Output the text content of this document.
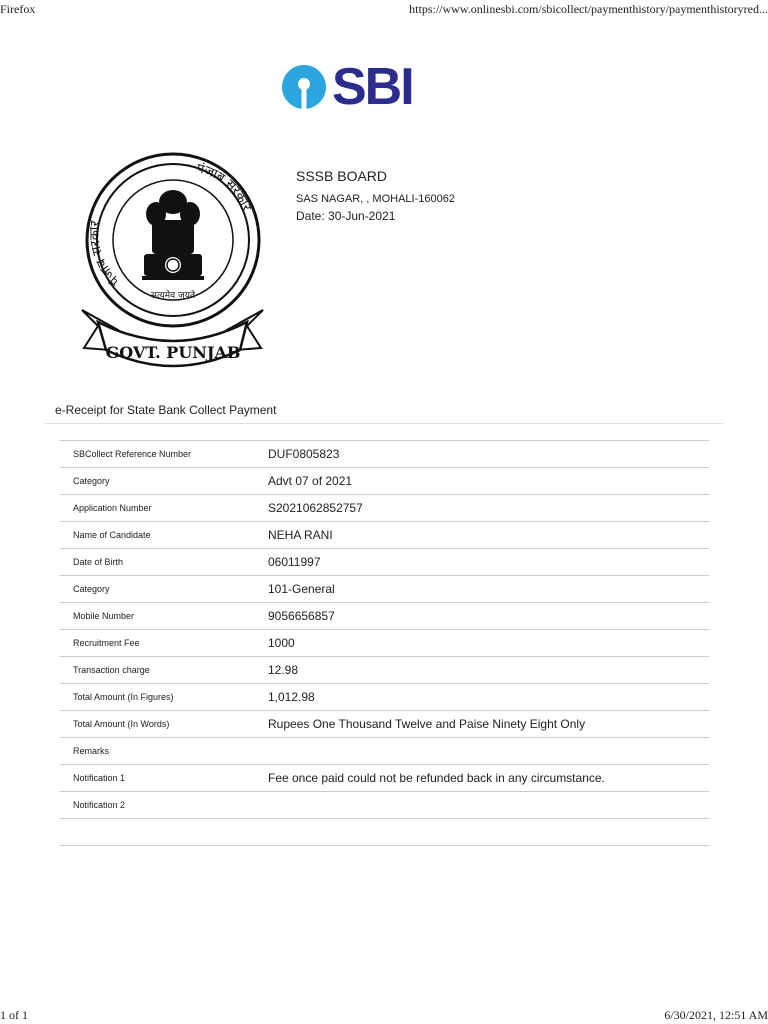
Firefox	https://www.onlinesbi.com/sbicollect/paymenthistory/paymenthistoryred...
SBI
पंजाब सरकार
पंजाब सरकार
सत्यमेव जयते
GOVT. PUNJAB
SSSB BOARD
SAS NAGAR, , MOHALI-160062
Date: 30-Jun-2021
e-Receipt for State Bank Collect Payment
SBCollect Reference Number	DUF0805823
Category	Advt 07 of 2021
Application Number	S2021062852757
Name of Candidate	NEHA RANI
Date of Birth	06011997
Category	101-General
Mobile Number	9056656857
Recruitment Fee	1000
Transaction charge	12.98
Total Amount (In Figures)	1,012.98
Total Amount (In Words)	Rupees One Thousand Twelve and Paise Ninety Eight Only
Remarks
Notification 1	Fee once paid could not be refunded back in any circumstance.
Notification 2
1 of 1	6/30/2021, 12:51 AM
